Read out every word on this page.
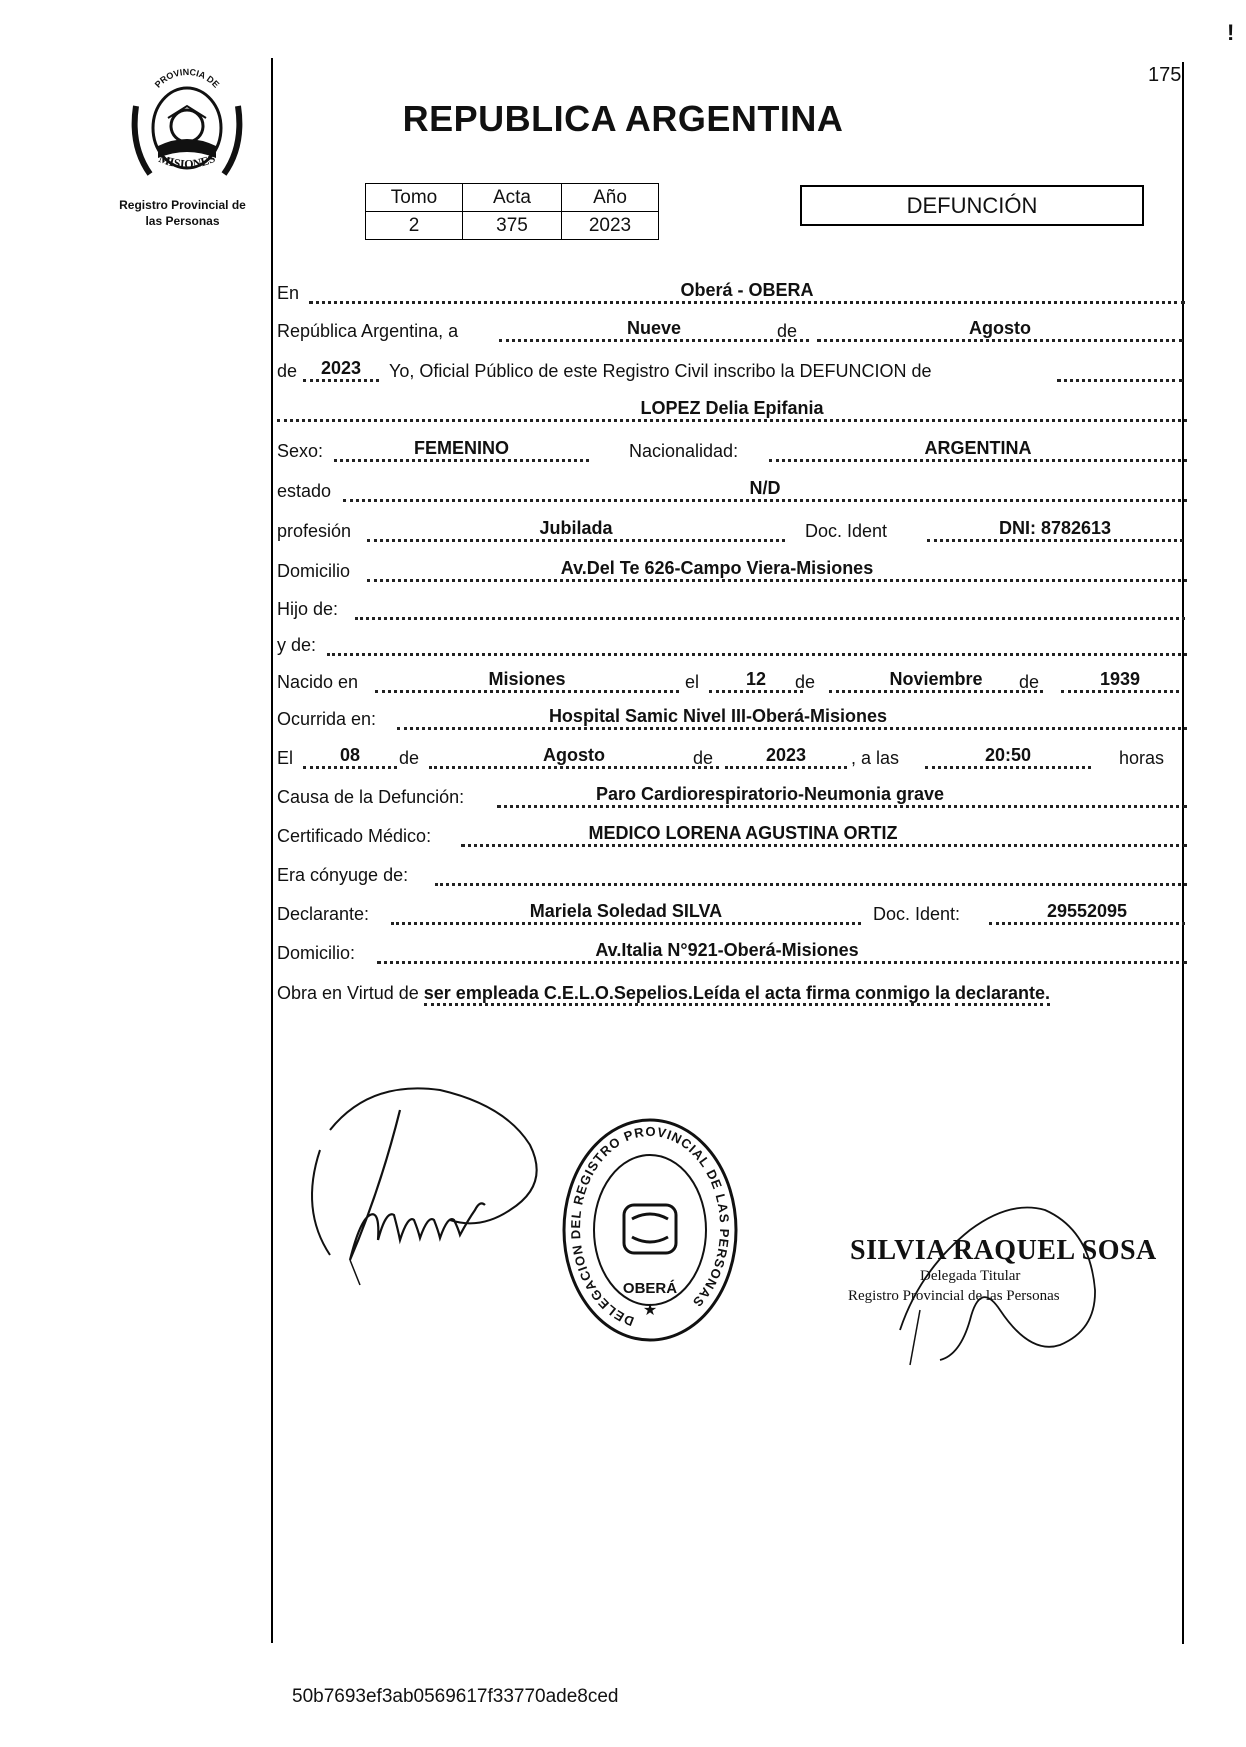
!
175
PROVINCIA DE
MISIONES
Registro Provincial de
las Personas
REPUBLICA ARGENTINA
Tomo	Acta	Año
2	375	2023
DEFUNCIÓN
En	Oberá - OBERA
República Argentina, a	Nueve	de	Agosto
de	2023	Yo, Oficial Público de este Registro Civil inscribo la DEFUNCION de
LOPEZ Delia Epifania
Sexo:	FEMENINO	Nacionalidad:	ARGENTINA
estado	N/D
profesión	Jubilada	Doc. Ident	DNI: 8782613
Domicilio	Av.Del Te 626-Campo Viera-Misiones
Hijo de:
y de:
Nacido en	Misiones	el	12	de	Noviembre	de	1939
Ocurrida en:	Hospital Samic Nivel III-Oberá-Misiones
El	08	de	Agosto	de	2023	, a las	20:50	horas
Causa de la Defunción:	Paro Cardiorespiratorio-Neumonia grave
Certificado Médico:	MEDICO LORENA AGUSTINA ORTIZ
Era cónyuge de:
Declarante:	Mariela Soledad SILVA	Doc. Ident:	29552095
Domicilio:	Av.Italia N°921-Oberá-Misiones
Obra en Virtud de ser empleada C.E.L.O.Sepelios.Leída el acta firma conmigo la declarante.
DELEGACION DEL REGISTRO PROVINCIAL DE LAS PERSONAS
OBERÁ
★
SILVIA RAQUEL SOSA
Delegada Titular
Registro Provincial de las Personas
50b7693ef3ab0569617f33770ade8ced
